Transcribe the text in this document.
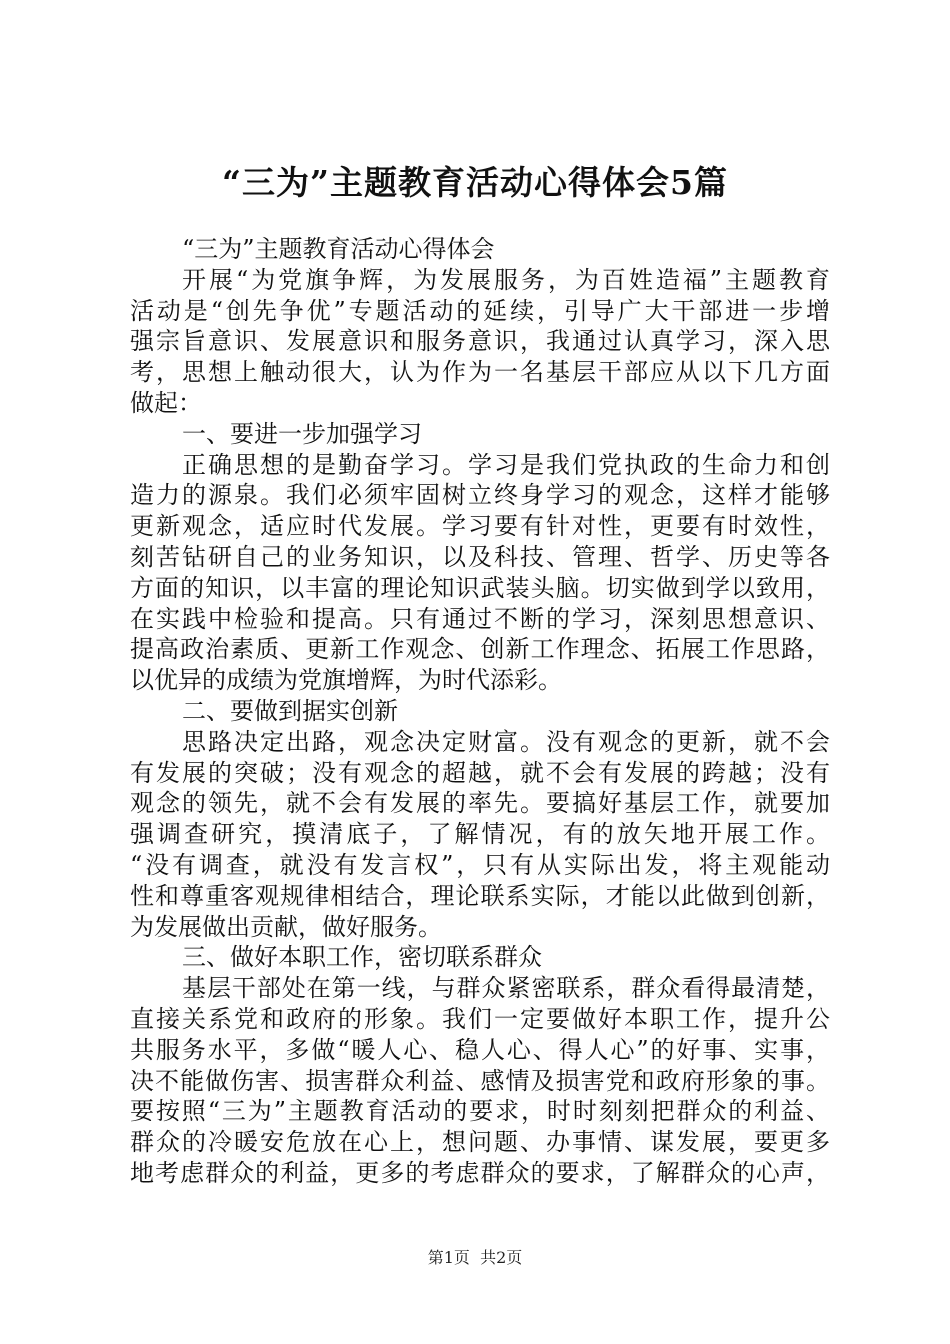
“三为”主题教育活动心得体会5篇
“三为”主题教育活动心得体会
开展“为党旗争辉，为发展服务，为百姓造福”主题教育
活动是“创先争优”专题活动的延续，引导广大干部进一步增
强宗旨意识、发展意识和服务意识，我通过认真学习，深入思
考，思想上触动很大，认为作为一名基层干部应从以下几方面
做起：
一、要进一步加强学习
正确思想的是勤奋学习。学习是我们党执政的生命力和创
造力的源泉。我们必须牢固树立终身学习的观念，这样才能够
更新观念，适应时代发展。学习要有针对性，更要有时效性，
刻苦钻研自己的业务知识，以及科技、管理、哲学、历史等各
方面的知识，以丰富的理论知识武装头脑。切实做到学以致用，
在实践中检验和提高。只有通过不断的学习，深刻思想意识、
提高政治素质、更新工作观念、创新工作理念、拓展工作思路，
以优异的成绩为党旗增辉，为时代添彩。
二、要做到据实创新
思路决定出路，观念决定财富。没有观念的更新，就不会
有发展的突破；没有观念的超越，就不会有发展的跨越；没有
观念的领先，就不会有发展的率先。要搞好基层工作，就要加
强调查研究，摸清底子，了解情况，有的放矢地开展工作。
“没有调查，就没有发言权”，只有从实际出发，将主观能动
性和尊重客观规律相结合，理论联系实际，才能以此做到创新，
为发展做出贡献，做好服务。
三、做好本职工作，密切联系群众
基层干部处在第一线，与群众紧密联系，群众看得最清楚，
直接关系党和政府的形象。我们一定要做好本职工作，提升公
共服务水平，多做“暖人心、稳人心、得人心”的好事、实事，
决不能做伤害、损害群众利益、感情及损害党和政府形象的事。
要按照“三为”主题教育活动的要求，时时刻刻把群众的利益、
群众的冷暖安危放在心上，想问题、办事情、谋发展，要更多
地考虑群众的利益，更多的考虑群众的要求，了解群众的心声，
第1页  共2页
